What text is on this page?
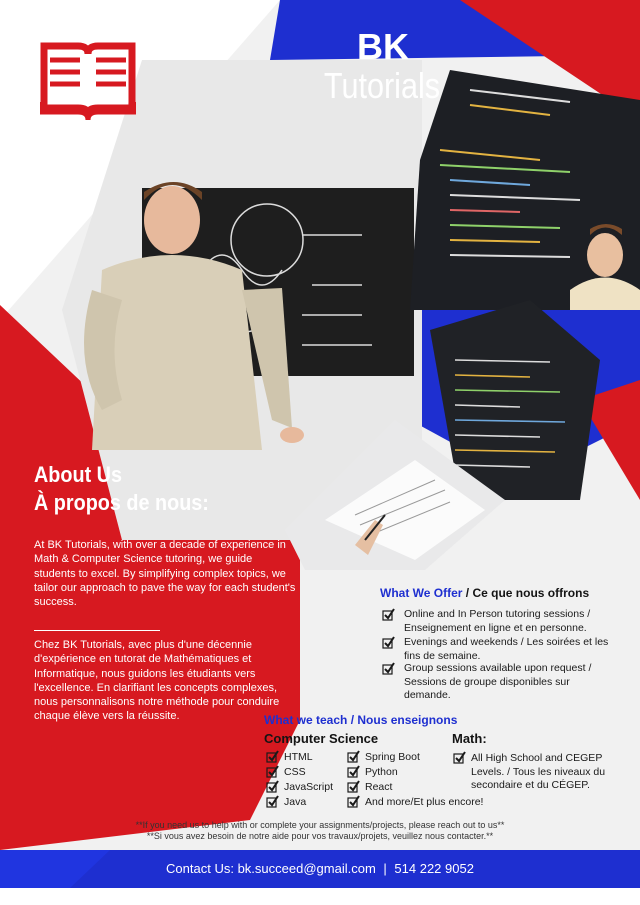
BK
Tutorials
About Us
À propos de nous:
At BK Tutorials, with over a decade of experience in Math & Computer Science tutoring, we guide students to excel. By simplifying complex topics, we tailor our approach to pave the way for each student's success.
Chez BK Tutorials, avec plus d'une décennie d'expérience en tutorat de Mathématiques et Informatique, nous guidons les étudiants vers l'excellence. En clarifiant les concepts complexes, nous personnalisons notre méthode pour conduire chaque élève vers la réussite.
What We Offer / Ce que nous offrons
Online and In Person tutoring sessions / Enseignement en ligne et en personne.
Evenings and weekends / Les soirées et les fins de semaine.
Group sessions available upon request / Sessions de groupe disponibles sur demande.
What we teach / Nous enseignons
Computer Science	Math:
HTML
CSS
JavaScript
Java
Spring Boot
Python
React
And more/Et plus encore!
All High School and CEGEP Levels. / Tous les niveaux du secondaire et du CÉGEP.
**If you need us to help with or complete your assignments/projects, please reach out to us**
**Si vous avez besoin de notre aide pour vos travaux/projets, veuillez nous contacter.**
Contact Us: bk.succeed@gmail.com | 514 222 9052
